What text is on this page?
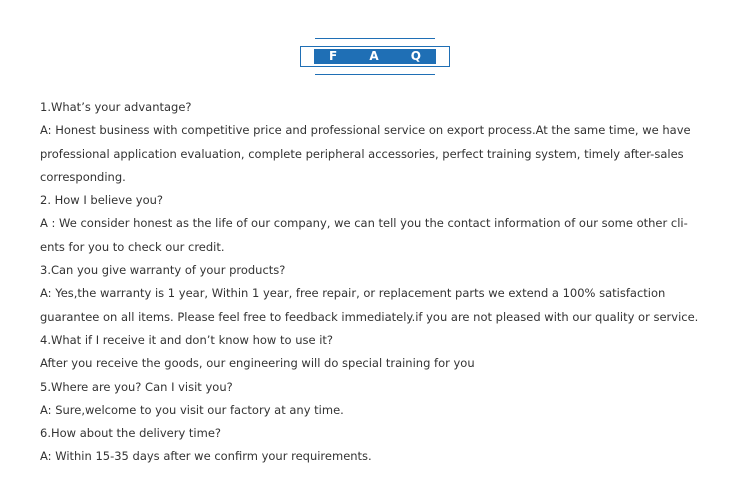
F A Q
1.What’s your advantage?
A: Honest business with competitive price and professional service on export process.At the same time, we have
professional application evaluation, complete peripheral accessories, perfect training system, timely after-sales
corresponding.
2. How I believe you?
A : We consider honest as the life of our company, we can tell you the contact information of our some other cli-
ents for you to check our credit.
3.Can you give warranty of your products?
A: Yes,the warranty is 1 year, Within 1 year, free repair, or replacement parts we extend a 100% satisfaction
guarantee on all items. Please feel free to feedback immediately.if you are not pleased with our quality or service.
4.What if I receive it and don’t know how to use it?
After you receive the goods, our engineering will do special training for you
5.Where are you? Can I visit you?
A: Sure,welcome to you visit our factory at any time.
6.How about the delivery time?
A: Within 15-35 days after we confirm your requirements.
